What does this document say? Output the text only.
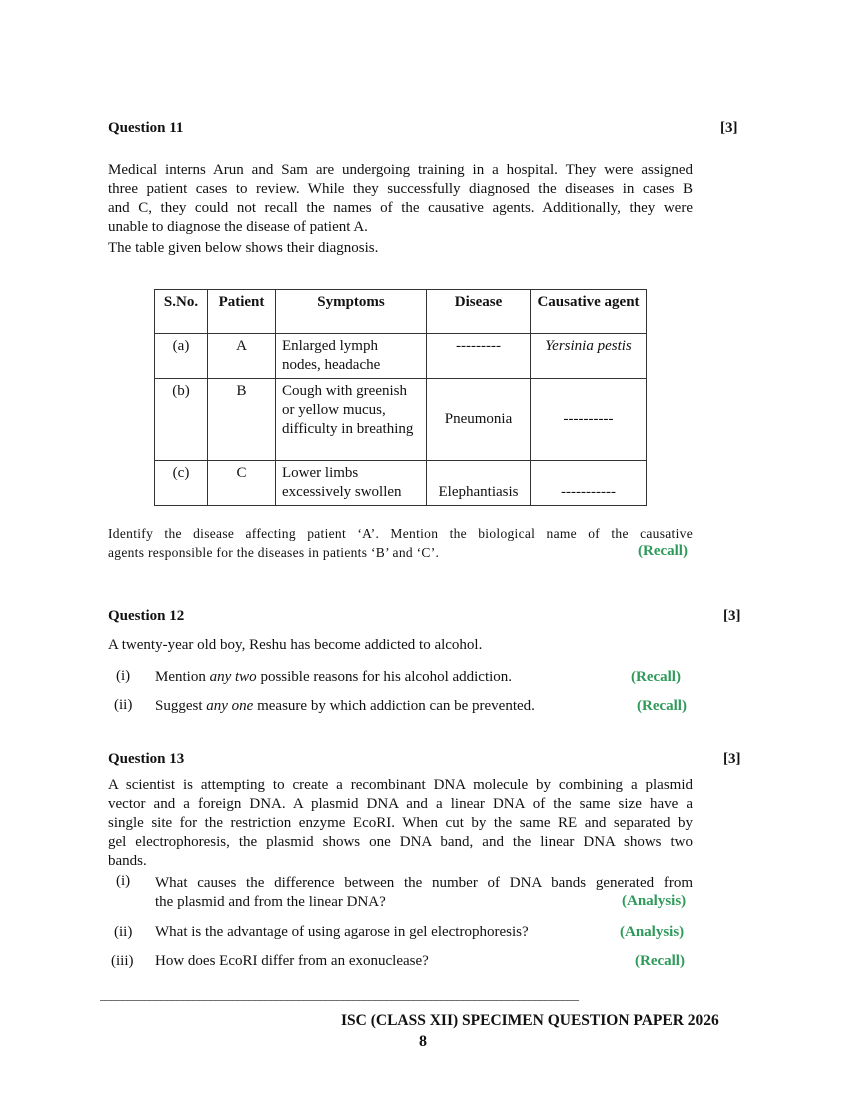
Question 11	[3]
Medical interns Arun and Sam are undergoing training in a hospital. They were assigned
three patient cases to review. While they successfully diagnosed the diseases in cases B
and C, they could not recall the names of the causative agents. Additionally, they were
unable to diagnose the disease of patient A.
The table given below shows their diagnosis.
S.No.	Patient	Symptoms	Disease	Causative agent
(a)	A	Enlarged lymph nodes, headache	---------	Yersinia pestis
(b)	B	Cough with greenish or yellow mucus, difficulty in breathing	Pneumonia	----------
(c)	C	Lower limbs excessively swollen	Elephantiasis	-----------
Identify the disease affecting patient ‘A’. Mention the biological name of the causative
agents responsible for the diseases in patients ‘B’ and ‘C’.	(Recall)
Question 12	[3]
A twenty-year old boy, Reshu has become addicted to alcohol.
(i) Mention any two possible reasons for his alcohol addiction.	(Recall)
(ii) Suggest any one measure by which addiction can be prevented.	(Recall)
Question 13	[3]
A scientist is attempting to create a recombinant DNA molecule by combining a plasmid
vector and a foreign DNA. A plasmid DNA and a linear DNA of the same size have a
single site for the restriction enzyme EcoRI. When cut by the same RE and separated by
gel electrophoresis, the plasmid shows one DNA band, and the linear DNA shows two
bands.
(i) What causes the difference between the number of DNA bands generated from
the plasmid and from the linear DNA?	(Analysis)
(ii) What is the advantage of using agarose in gel electrophoresis?	(Analysis)
(iii) How does EcoRI differ from an exonuclease?	(Recall)
_______________________________________________________________________________________
ISC (CLASS XII) SPECIMEN QUESTION PAPER 2026
8
